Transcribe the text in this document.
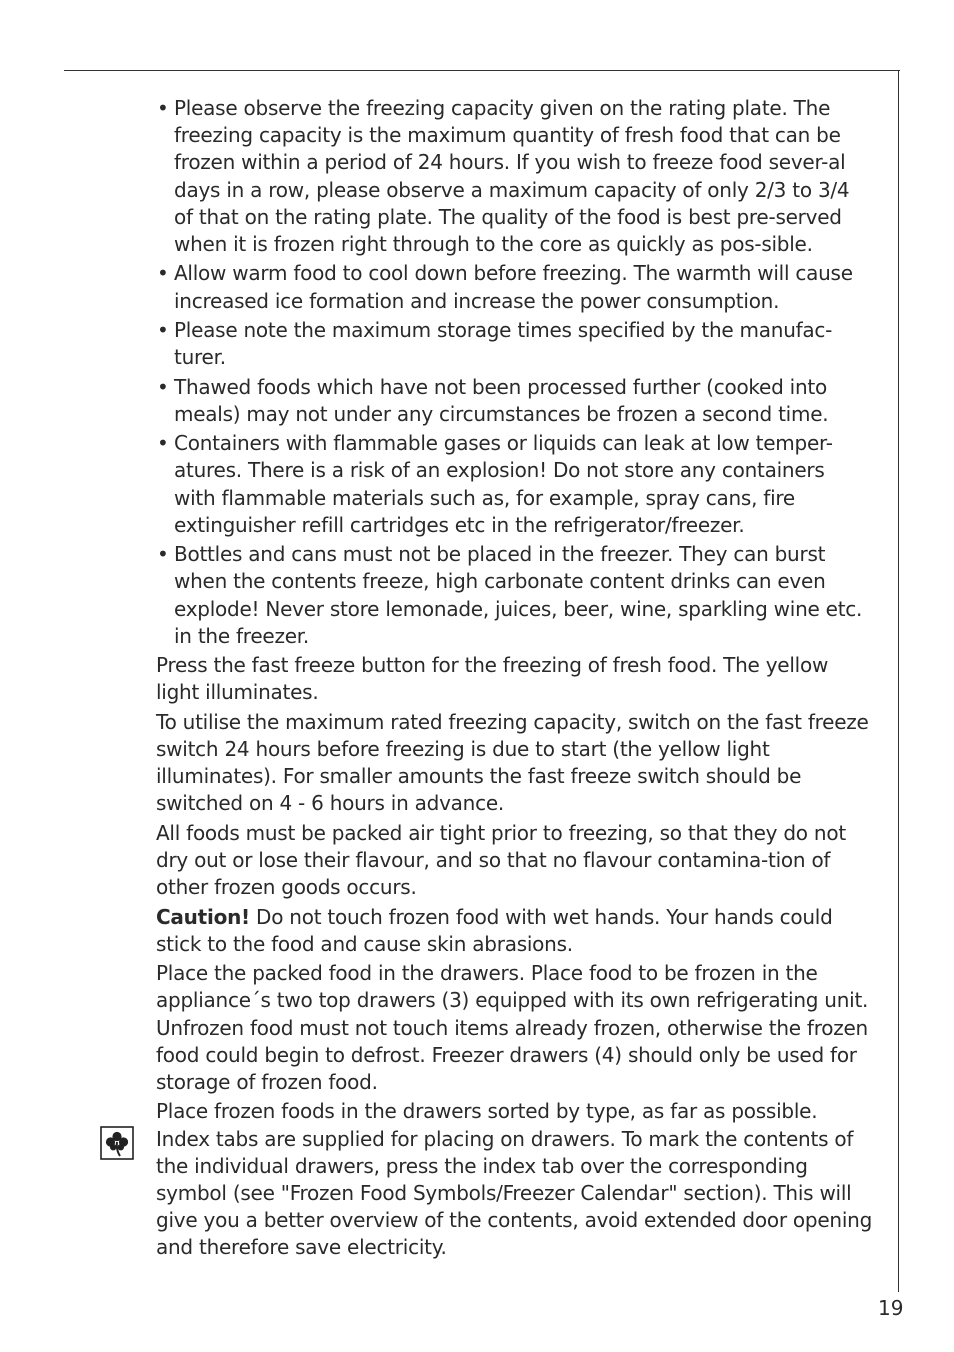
• Please observe the freezing capacity given on the rating plate. The freezing capacity is the maximum quantity of fresh food that can be frozen within a period of 24 hours. If you wish to freeze food sever-al days in a row, please observe a maximum capacity of only 2/3 to 3/4 of that on the rating plate. The quality of the food is best pre-served when it is frozen right through to the core as quickly as pos-sible.
• Allow warm food to cool down before freezing. The warmth will cause increased ice formation and increase the power consumption.
• Please note the maximum storage times specified by the manufac-turer.
• Thawed foods which have not been processed further (cooked into meals) may not under any circumstances be frozen a second time.
• Containers with flammable gases or liquids can leak at low temper-atures. There is a risk of an explosion! Do not store any containers with flammable materials such as, for example, spray cans, fire extinguisher refill cartridges etc in the refrigerator/freezer.
• Bottles and cans must not be placed in the freezer. They can burst when the contents freeze, high carbonate content drinks can even explode! Never store lemonade, juices, beer, wine, sparkling wine etc. in the freezer.

Press the fast freeze button for the freezing of fresh food. The yellow light illuminates.

To utilise the maximum rated freezing capacity, switch on the fast freeze switch 24 hours before freezing is due to start (the yellow light illuminates). For smaller amounts the fast freeze switch should be switched on 4 - 6 hours in advance.

All foods must be packed air tight prior to freezing, so that they do not dry out or lose their flavour, and so that no flavour contamina-tion of other frozen goods occurs.

Caution! Do not touch frozen food with wet hands. Your hands could stick to the food and cause skin abrasions.

Place the packed food in the drawers. Place food to be frozen in the appliance´s two top drawers (3) equipped with its own refrigerating unit. Unfrozen food must not touch items already frozen, otherwise the frozen food could begin to defrost. Freezer drawers (4) should only be used for storage of frozen food.

Place frozen foods in the drawers sorted by type, as far as possible. Index tabs are supplied for placing on drawers. To mark the contents of the individual drawers, press the index tab over the corresponding symbol (see "Frozen Food Symbols/Freezer Calendar" section). This will give you a better overview of the contents, avoid extended door opening and therefore save electricity.

19
